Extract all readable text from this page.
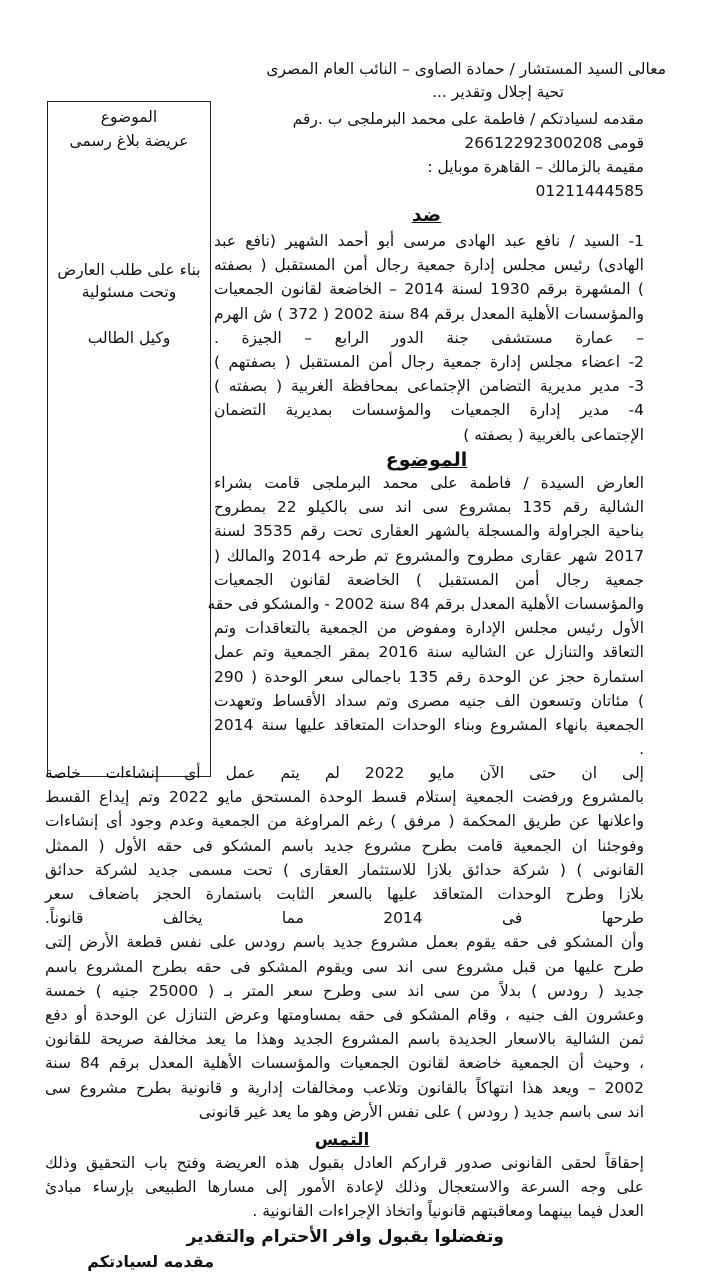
معالى السيد المستشار / حمادة الصاوى – النائب العام المصرى
تحية إجلال وتقدير ...
الموضوع
عريضة بلاغ رسمى
بناء على طلب العارض
وتحت مسئولية
وكيل الطالب
مقدمه لسيادتكم / فاطمة على محمد البرملجى ب .رقم
قومى 26612292300208
مقيمة بالزمالك – القاهرة موبايل :
01211444585
ضد
1- السيد / نافع عبد الهادى مرسى أبو أحمد الشهير (نافع عبد
الهادى) رئيس مجلس إدارة جمعية رجال أمن المستقبل ( بصفته
) المشهرة برقم 1930 لسنة 2014 – الخاضعة لقانون الجمعيات
والمؤسسات الأهلية المعدل برقم 84 سنة 2002 ( 372 ) ش الهرم
– عمارة مستشفى جنة الدور الرابع – الجيزة .
2- اعضاء مجلس إدارة جمعية رجال أمن المستقبل ( بصفتهم )
3- مدير مديرية التضامن الإجتماعى بمحافظة الغربية ( بصفته )
4- مدير إدارة الجمعيات والمؤسسات بمديرية التضمان
الإجتماعى بالغربية ( بصفته )
الموضوع
العارض السيدة / فاطمة على محمد البرملجى قامت بشراء
الشالية رقم 135 بمشروع سى اند سى بالكيلو 22 بمطروح
بناحية الجراولة والمسجلة بالشهر العقارى تحت رقم 3535 لسنة
2017 شهر عقارى مطروح والمشروع تم طرحه 2014 والمالك (
جمعية رجال أمن المستقبل ) الخاضعة لقانون الجمعيات
والمؤسسات الأهلية المعدل برقم 84 سنة 2002 - والمشكو فى حقه
الأول رئيس مجلس الإدارة ومفوض من الجمعية بالتعاقدات وتم
التعاقد والتنازل عن الشاليه سنة 2016 بمقر الجمعية وتم عمل
استمارة حجز عن الوحدة رقم 135 باجمالى سعر الوحدة ( 290
) مئاتان وتسعون الف جنيه مصرى وتم سداد الأقساط وتعهدت
الجمعية بانهاء المشروع وبناء الوحدات المتعاقد عليها سنة 2014
.
إلى ان حتى الآن مايو 2022 لم يتم عمل أى إنشاءات خاصة
بالمشروع ورفضت الجمعية إستلام قسط الوحدة المستحق مايو 2022 وتم إيداع القسط
واعلانها عن طريق المحكمة ( مرفق ) رغم المراوغة من الجمعية وعدم وجود أى إنشاءات
وفوجئنا ان الجمعية قامت بطرح مشروع جديد باسم المشكو فى حقه الأول ( الممثل
القانونى ) ( شركة حدائق بلازا للاستثمار العقارى ) تحت مسمى جديد لشركة حدائق
بلازا وطرح الوحدات المتعاقد عليها بالسعر الثابت باستمارة الحجز باضعاف سعر
طرحها فى 2014 مما يخالف قانوناً.
وأن المشكو فى حقه يقوم بعمل مشروع جديد باسم رودس على نفس قطعة الأرض إلتى
طرح عليها من قبل مشروع سى اند سى ويقوم المشكو فى حقه بطرح المشروع باسم
جديد ( رودس ) بدلاً من سى اند سى وطرح سعر المتر بـ ( 25000 جنيه ) خمسة
وعشرون الف جنيه ، وقام المشكو فى حقه بمساومتها وعرض التنازل عن الوحدة أو دفع
ثمن الشالية بالاسعار الجديدة باسم المشروع الجديد وهذا ما يعد مخالفة صريحة للقانون
، وحيث أن الجمعية خاضعة لقانون الجمعيات والمؤسسات الأهلية المعدل برقم 84 سنة
2002 – ويعد هذا انتهاكاً بالقانون وتلاعب ومخالفات إدارية و قانونية بطرح مشروع سى
اند سى باسم جديد ( رودس ) على نفس الأرض وهو ما يعد غير قانونى
التمس
إحقاقاً لحقى القانونى صدور قراركم العادل بقبول هذه العريضة وفتح باب التحقيق وذلك
على وجه السرعة والاستعجال وذلك لإعادة الأمور إلى مسارها الطبيعى بإرساء مبادئ
العدل فيما بينهما ومعاقبتهم قانونياً واتخاذ الإجراءات القانونية .
وتفضلوا بقبول وافر الأحترام والتقدير
مقدمه لسيادتكم
